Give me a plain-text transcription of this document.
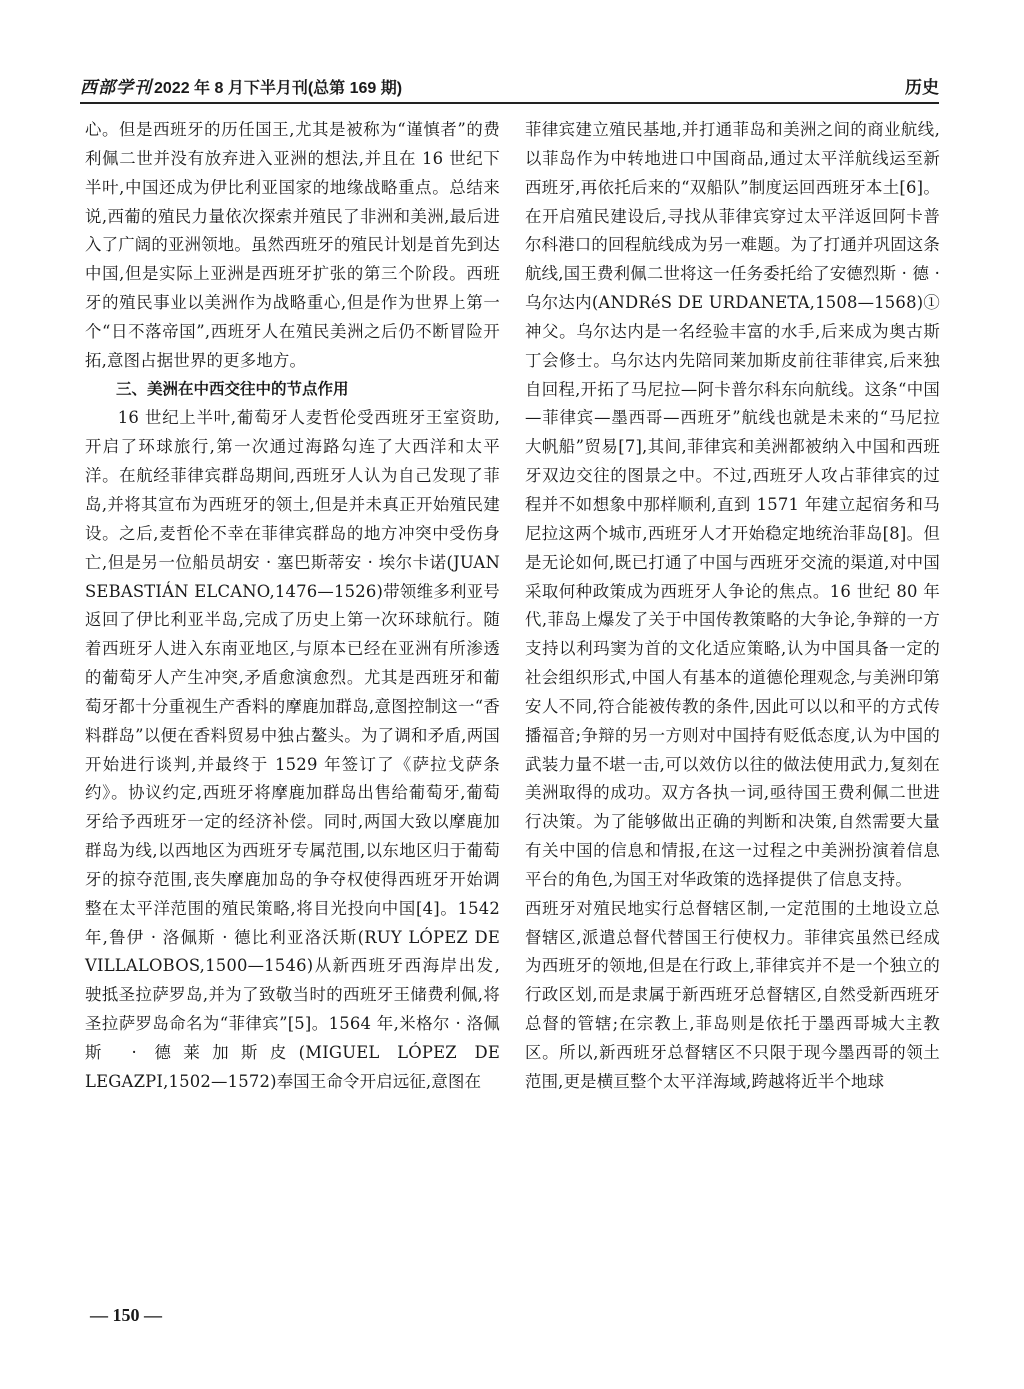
西部学刊 2022 年 8 月下半月刊(总第 169 期)	历史

心。但是西班牙的历任国王,尤其是被称为“谨慎者”的费利佩二世并没有放弃进入亚洲的想法,并且在 16 世纪下半叶,中国还成为伊比利亚国家的地缘战略重点。总结来说,西葡的殖民力量依次探索并殖民了非洲和美洲,最后进入了广阔的亚洲领地。虽然西班牙的殖民计划是首先到达中国,但是实际上亚洲是西班牙扩张的第三个阶段。西班牙的殖民事业以美洲作为战略重心,但是作为世界上第一个“日不落帝国”,西班牙人在殖民美洲之后仍不断冒险开拓,意图占据世界的更多地方。

三、美洲在中西交往中的节点作用

16 世纪上半叶,葡萄牙人麦哲伦受西班牙王室资助,开启了环球旅行,第一次通过海路勾连了大西洋和太平洋。在航经菲律宾群岛期间,西班牙人认为自己发现了菲岛,并将其宣布为西班牙的领土,但是并未真正开始殖民建设。之后,麦哲伦不幸在菲律宾群岛的地方冲突中受伤身亡,但是另一位船员胡安 · 塞巴斯蒂安 · 埃尔卡诺(JUAN SEBASTIÁN ELCANO,1476—1526)带领维多利亚号返回了伊比利亚半岛,完成了历史上第一次环球航行。随着西班牙人进入东南亚地区,与原本已经在亚洲有所渗透的葡萄牙人产生冲突,矛盾愈演愈烈。尤其是西班牙和葡萄牙都十分重视生产香料的摩鹿加群岛,意图控制这一“香料群岛”以便在香料贸易中独占鳌头。为了调和矛盾,两国开始进行谈判,并最终于 1529 年签订了《萨拉戈萨条约》。协议约定,西班牙将摩鹿加群岛出售给葡萄牙,葡萄牙给予西班牙一定的经济补偿。同时,两国大致以摩鹿加群岛为线,以西地区为西班牙专属范围,以东地区归于葡萄牙的掠夺范围,丧失摩鹿加岛的争夺权使得西班牙开始调整在太平洋范围的殖民策略,将目光投向中国[4]。1542 年,鲁伊 · 洛佩斯 · 德比利亚洛沃斯(RUY LÓPEZ DE VILLALOBOS,1500—1546)从新西班牙西海岸出发,驶抵圣拉萨罗岛,并为了致敬当时的西班牙王储费利佩,将圣拉萨罗岛命名为“菲律宾”[5]。1564 年,米格尔 · 洛佩斯 · 德莱加斯皮(MIGUEL LÓPEZ DE LEGAZPI,1502—1572)奉国王命令开启远征,意图在

菲律宾建立殖民基地,并打通菲岛和美洲之间的商业航线,以菲岛作为中转地进口中国商品,通过太平洋航线运至新西班牙,再依托后来的“双船队”制度运回西班牙本土[6]。在开启殖民建设后,寻找从菲律宾穿过太平洋返回阿卡普尔科港口的回程航线成为另一难题。为了打通并巩固这条航线,国王费利佩二世将这一任务委托给了安德烈斯 · 德 · 乌尔达内(ANDRéS DE URDANETA,1508—1568)① 神父。乌尔达内是一名经验丰富的水手,后来成为奥古斯丁会修士。乌尔达内先陪同莱加斯皮前往菲律宾,后来独自回程,开拓了马尼拉—阿卡普尔科东向航线。这条“中国—菲律宾—墨西哥—西班牙”航线也就是未来的“马尼拉大帆船”贸易[7],其间,菲律宾和美洲都被纳入中国和西班牙双边交往的图景之中。不过,西班牙人攻占菲律宾的过程并不如想象中那样顺利,直到 1571 年建立起宿务和马尼拉这两个城市,西班牙人才开始稳定地统治菲岛[8]。但是无论如何,既已打通了中国与西班牙交流的渠道,对中国采取何种政策成为西班牙人争论的焦点。16 世纪 80 年代,菲岛上爆发了关于中国传教策略的大争论,争辩的一方支持以利玛窦为首的文化适应策略,认为中国具备一定的社会组织形式,中国人有基本的道德伦理观念,与美洲印第安人不同,符合能被传教的条件,因此可以以和平的方式传播福音;争辩的另一方则对中国持有贬低态度,认为中国的武装力量不堪一击,可以效仿以往的做法使用武力,复刻在美洲取得的成功。双方各执一词,亟待国王费利佩二世进行决策。为了能够做出正确的判断和决策,自然需要大量有关中国的信息和情报,在这一过程之中美洲扮演着信息平台的角色,为国王对华政策的选择提供了信息支持。

西班牙对殖民地实行总督辖区制,一定范围的土地设立总督辖区,派遣总督代替国王行使权力。菲律宾虽然已经成为西班牙的领地,但是在行政上,菲律宾并不是一个独立的行政区划,而是隶属于新西班牙总督辖区,自然受新西班牙总督的管辖;在宗教上,菲岛则是依托于墨西哥城大主教区。所以,新西班牙总督辖区不只限于现今墨西哥的领土范围,更是横亘整个太平洋海域,跨越将近半个地球

— 150 —
